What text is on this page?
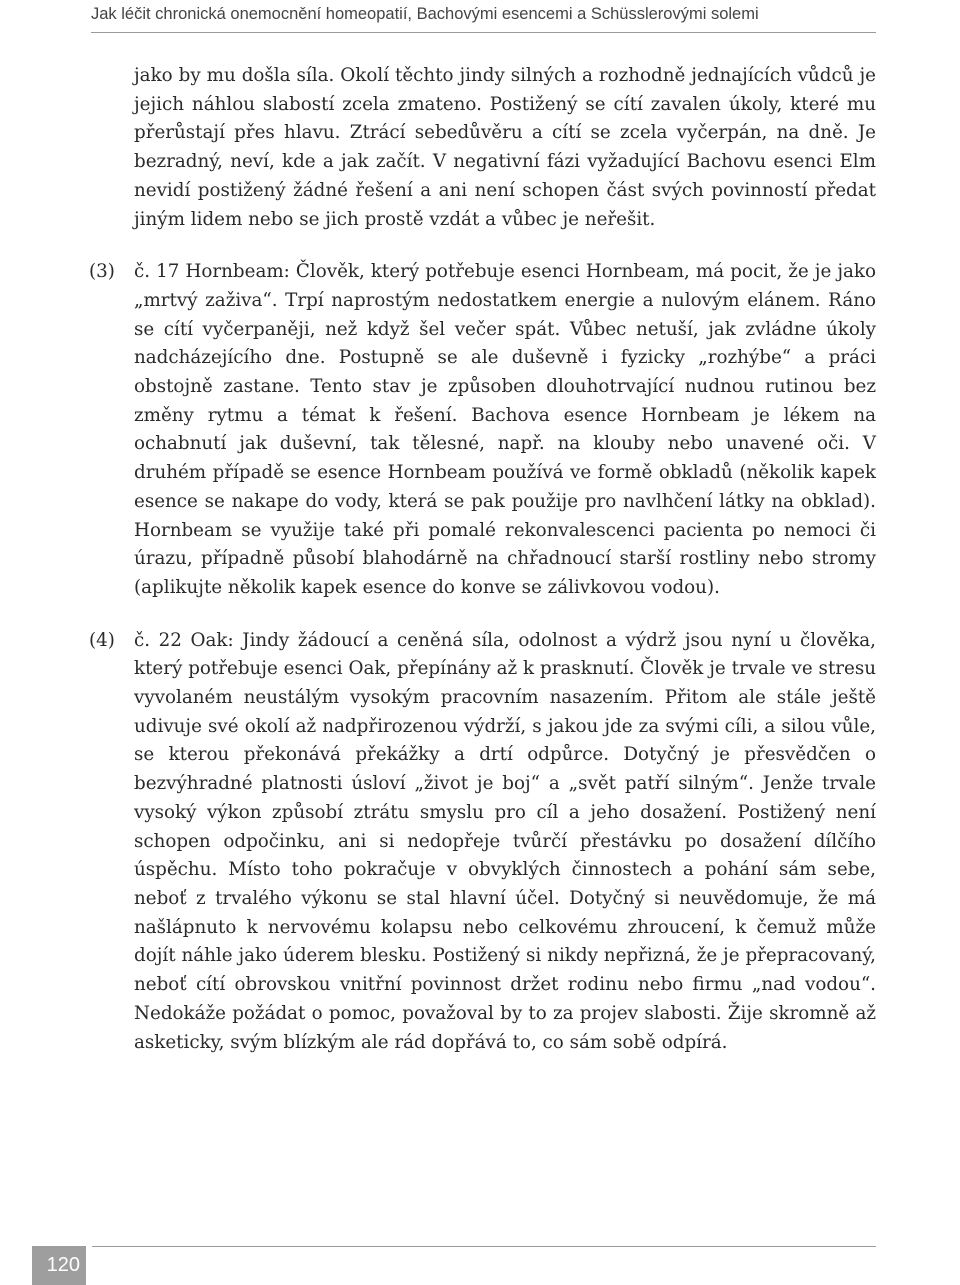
Jak léčit chronická onemocnění homeopatií, Bachovými esencemi a Schüsslerovými solemi

jako by mu došla síla. Okolí těchto jindy silných a rozhodně jednajících vůdců je jejich náhlou slabostí zcela zmateno. Postižený se cítí zavalen úkoly, které mu přerůstají přes hlavu. Ztrácí sebedůvěru a cítí se zcela vyčerpán, na dně. Je bezradný, neví, kde a jak začít. V negativní fázi vyžadující Bachovu esenci Elm nevidí postižený žádné řešení a ani není schopen část svých povinností předat jiným lidem nebo se jich prostě vzdát a vůbec je neřešit.

(3) č. 17 Hornbeam: Člověk, který potřebuje esenci Hornbeam, má pocit, že je jako „mrtvý zaživa“. Trpí naprostým nedostatkem energie a nulovým elánem. Ráno se cítí vyčerpaněji, než když šel večer spát. Vůbec netuší, jak zvládne úkoly nadcházejícího dne. Postupně se ale duševně i fyzicky „rozhýbe“ a práci obstojně zastane. Tento stav je způsoben dlouhotrvající nudnou rutinou bez změny rytmu a témat k řešení. Bachova esence Hornbeam je lékem na ochabnutí jak duševní, tak tělesné, např. na klouby nebo unavené oči. V druhém případě se esence Hornbeam používá ve formě obkladů (několik kapek esence se nakape do vody, která se pak použije pro navlhčení látky na obklad). Hornbeam se využije také při pomalé rekonvalescenci pacienta po nemoci či úrazu, případně působí blahodárně na chřadnoucí starší rostliny nebo stromy (aplikujte několik kapek esence do konve se zálivkovou vodou).

(4) č. 22 Oak: Jindy žádoucí a ceněná síla, odolnost a výdrž jsou nyní u člověka, který potřebuje esenci Oak, přepínány až k prasknutí. Člověk je trvale ve stresu vyvolaném neustálým vysokým pracovním nasazením. Přitom ale stále ještě udivuje své okolí až nadpřirozenou výdrží, s jakou jde za svými cíli, a silou vůle, se kterou překonává překážky a drtí odpůrce. Dotyčný je přesvědčen o bezvýhradné platnosti úsloví „život je boj“ a „svět patří silným“. Jenže trvale vysoký výkon způsobí ztrátu smyslu pro cíl a jeho dosažení. Postižený není schopen odpočinku, ani si nedopřeje tvůrčí přestávku po dosažení dílčího úspěchu. Místo toho pokračuje v obvyklých činnostech a pohání sám sebe, neboť z trvalého výkonu se stal hlavní účel. Dotyčný si neuvědomuje, že má našlápnuto k nervovému kolapsu nebo celkovému zhroucení, k čemuž může dojít náhle jako úderem blesku. Postižený si nikdy nepřizná, že je přepracovaný, neboť cítí obrovskou vnitřní povinnost držet rodinu nebo firmu „nad vodou“. Nedokáže požádat o pomoc, považoval by to za projev slabosti. Žije skromně až asketicky, svým blízkým ale rád dopřává to, co sám sobě odpírá.

120
